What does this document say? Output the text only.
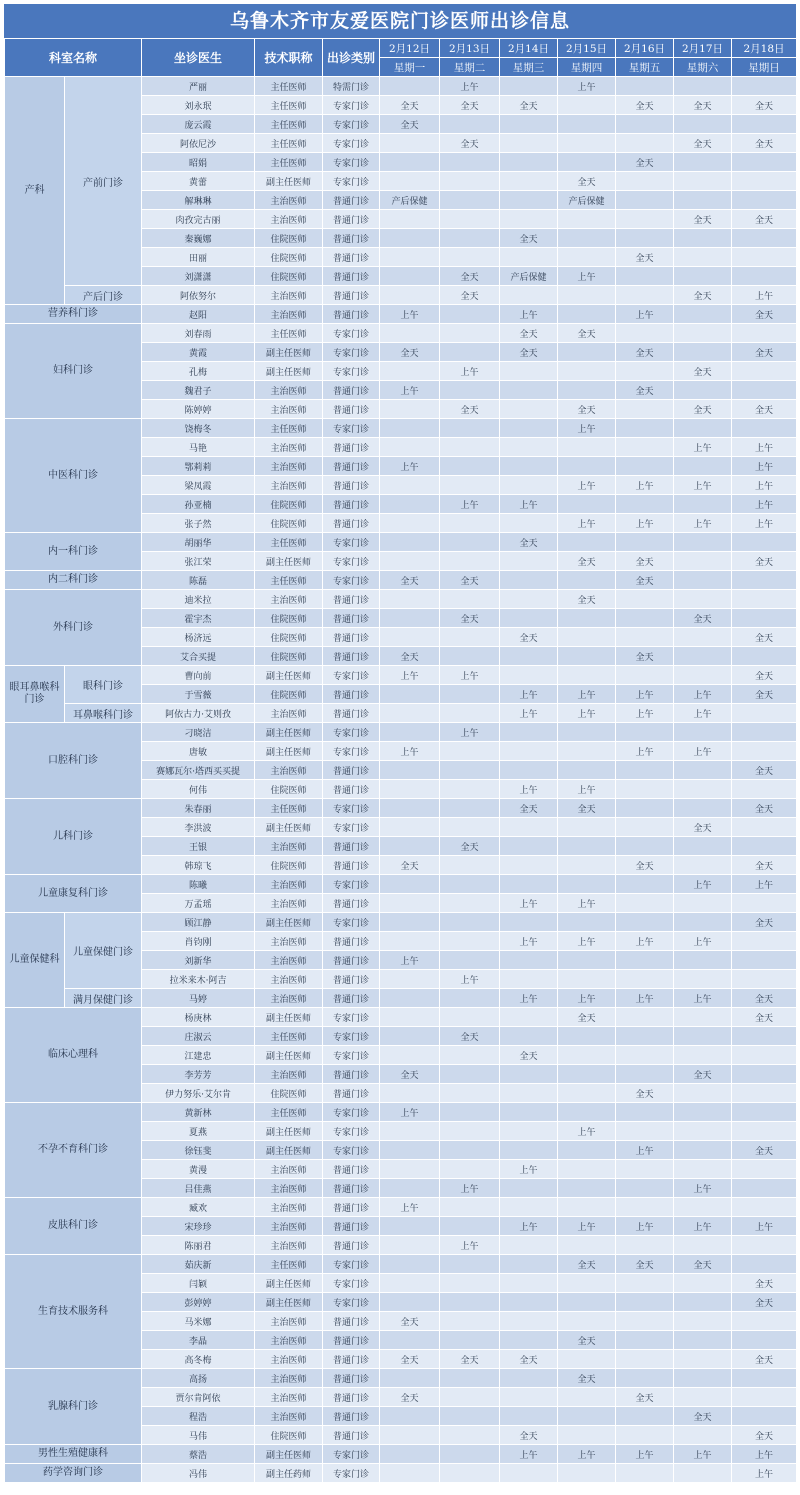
乌鲁木齐市友爱医院门诊医师出诊信息
科室名称		坐诊医生	技术职称	出诊类别	2月12日	2月13日	2月14日	2月15日	2月16日	2月17日	2月18日
					星期一	星期二	星期三	星期四	星期五	星期六	星期日
产科	产前门诊	严丽	主任医师	特需门诊		上午		上午			
		刘永珉	主任医师	专家门诊	全天	全天	全天		全天	全天	全天
		庞云霞	主任医师	专家门诊	全天						
		阿依尼沙	主任医师	专家门诊		全天				全天	全天
		昭娟	主任医师	专家门诊					全天		
		黄蕾	副主任医师	专家门诊				全天			
		解琳琳	主治医师	普通门诊	产后保健			产后保健			
		肉孜完古丽	主治医师	普通门诊						全天	全天
		秦巍娜	住院医师	普通门诊			全天				
		田丽	住院医师	普通门诊					全天		
		刘潇潇	住院医师	普通门诊		全天	产后保健	上午			
	产后门诊	阿依努尔	主治医师	普通门诊		全天				全天	上午
营养科门诊		赵阳	主治医师	普通门诊	上午		上午		上午		全天
妇科门诊		刘春雨	主任医师	专家门诊			全天	全天			
		黄霞	副主任医师	专家门诊	全天		全天		全天		全天
		孔梅	副主任医师	专家门诊		上午				全天	
		魏君子	主治医师	普通门诊	上午				全天		
		陈婷婷	主治医师	普通门诊		全天		全天		全天	全天
中医科门诊		饶梅冬	主任医师	专家门诊				上午			
		马艳	主治医师	普通门诊						上午	上午
		鄂莉莉	主治医师	普通门诊	上午						上午
		梁凤霞	主治医师	普通门诊				上午	上午	上午	上午
		孙亚楠	住院医师	普通门诊		上午	上午				上午
		张子然	住院医师	普通门诊				上午	上午	上午	上午
内一科门诊		胡丽华	主任医师	专家门诊			全天				
		张江荣	副主任医师	专家门诊				全天	全天		全天
内二科门诊		陈磊	主任医师	专家门诊	全天	全天			全天		
外科门诊		迪米拉	主治医师	普通门诊				全天			
		霍宇杰	住院医师	普通门诊		全天				全天	
		杨济远	住院医师	普通门诊			全天				全天
		艾合买提	住院医师	普通门诊	全天				全天		
眼耳鼻喉科门诊	眼科门诊	曹向前	副主任医师	专家门诊	上午	上午					全天
		于雪薇	住院医师	普通门诊			上午	上午	上午	上午	全天
	耳鼻喉科门诊	阿依古力·艾则孜	主治医师	普通门诊			上午	上午	上午	上午	
口腔科门诊		刁晓洁	副主任医师	专家门诊		上午					
		唐敏	副主任医师	专家门诊	上午				上午	上午	
		赛娜瓦尔·塔西买买提	主治医师	普通门诊							全天
		何伟	住院医师	普通门诊			上午	上午			
儿科门诊		朱春丽	主任医师	专家门诊			全天	全天			全天
		李洪波	副主任医师	专家门诊						全天	
		王银	主治医师	普通门诊		全天					
		韩琼飞	住院医师	普通门诊	全天				全天		全天
儿童康复科门诊		陈曦	主治医师	专家门诊						上午	上午
		万孟瑶	主治医师	普通门诊			上午	上午			
儿童保健科	儿童保健门诊	顾江静	副主任医师	专家门诊							全天
		肖钧刚	主治医师	普通门诊			上午	上午	上午	上午	
		刘新华	主治医师	普通门诊	上午						
		拉米来木·阿吉	主治医师	普通门诊		上午					
	满月保健门诊	马婷	主治医师	普通门诊			上午	上午	上午	上午	全天
临床心理科		杨庚林	副主任医师	专家门诊				全天			全天
		庄淑云	主任医师	专家门诊		全天					
		江建忠	副主任医师	专家门诊			全天				
		李芳芳	主治医师	普通门诊	全天					全天	
		伊力努乐·艾尔肯	住院医师	普通门诊					全天		
不孕不育科门诊		黄新林	主任医师	专家门诊	上午						
		夏燕	副主任医师	专家门诊				上午			
		徐钰斐	副主任医师	专家门诊					上午		全天
		黄漫	主治医师	普通门诊			上午				
		吕佳燕	主治医师	普通门诊		上午				上午	
皮肤科门诊		臧欢	主治医师	普通门诊	上午						
		宋珍珍	主治医师	普通门诊			上午	上午	上午	上午	上午
		陈丽君	主治医师	普通门诊		上午					
生育技术服务科		茹庆新	主任医师	专家门诊				全天	全天	全天	
		闫颖	副主任医师	专家门诊							全天
		彭婷婷	副主任医师	专家门诊							全天
		马米娜	主治医师	普通门诊	全天						
		李晶	主治医师	普通门诊				全天			
		高冬梅	主治医师	普通门诊	全天	全天	全天				全天
乳腺科门诊		高扬	主治医师	普通门诊				全天			
		贾尔肯阿依	主治医师	普通门诊	全天				全天		
		程浩	主治医师	普通门诊						全天	
		马伟	住院医师	普通门诊			全天				全天
男性生殖健康科		蔡浩	副主任医师	专家门诊			上午	上午	上午	上午	上午
药学咨询门诊		冯伟	副主任药师	专家门诊							上午
